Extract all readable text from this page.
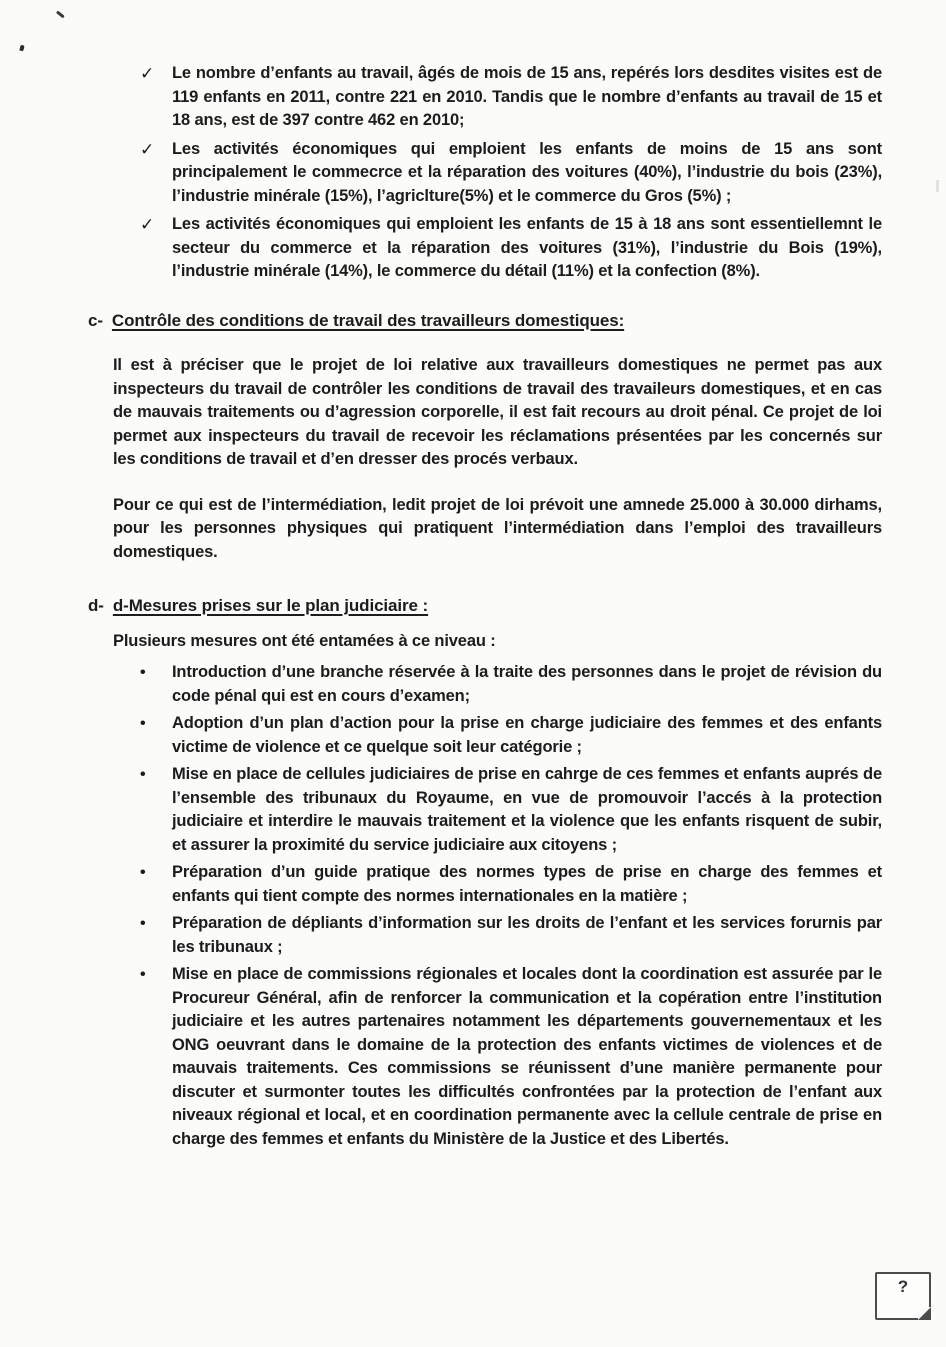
✓	Le nombre d’enfants au travail, âgés de mois de 15 ans, repérés lors desdites visites est de 119 enfants en 2011, contre 221 en 2010. Tandis que le nombre d’enfants au travail de 15 et 18 ans, est de 397 contre 462 en 2010;
✓	Les activités économiques qui emploient les enfants de moins de 15 ans sont principalement le commecrce et la réparation des voitures (40%), l’industrie du bois (23%), l’industrie minérale (15%), l’agriclture(5%) et le commerce du Gros (5%) ;
✓	Les activités économiques qui emploient les enfants de 15 à 18 ans sont essentiellemnt le secteur du commerce et la réparation des voitures (31%), l’industrie du Bois (19%), l’industrie minérale (14%), le commerce du détail (11%) et la confection (8%).
c- Contrôle des conditions de travail des travailleurs domestiques:
Il est à préciser que le projet de loi relative aux travailleurs domestiques ne permet pas aux inspecteurs du travail de contrôler les conditions de travail des travaileurs domestiques, et en cas de mauvais traitements ou d’agression corporelle, il est fait recours au droit pénal. Ce projet de loi permet aux inspecteurs du travail de recevoir les réclamations présentées par les concernés sur les conditions de travail et d’en dresser des procés verbaux.
Pour ce qui est de l’intermédiation, ledit projet de loi prévoit une amnede 25.000 à 30.000 dirhams, pour les personnes physiques qui pratiquent l’intermédiation dans l’emploi des travailleurs domestiques.
d- d-Mesures prises sur le plan judiciaire :
Plusieurs mesures ont été entamées à ce niveau :
•	Introduction d’une branche réservée à la traite des personnes dans le projet de révision du code pénal qui est en cours d’examen;
•	Adoption d’un plan d’action pour la prise en charge judiciaire des femmes et des enfants victime de violence et ce quelque soit leur catégorie ;
•	Mise en place de cellules judiciaires de prise en cahrge de ces femmes et enfants auprés de l’ensemble des tribunaux du Royaume, en vue de promouvoir l’accés à la protection judiciaire et interdire le mauvais traitement et la violence que les enfants risquent de subir, et assurer la proximité du service judiciaire aux citoyens ;
•	Préparation d’un guide pratique des normes types de prise en charge des femmes et enfants qui tient compte des normes internationales en la matière ;
•	Préparation de dépliants d’information sur les droits de l’enfant et les services forurnis par les tribunaux ;
•	Mise en place de commissions régionales et locales dont la coordination est assurée par le Procureur Général, afin de renforcer la communication et la copération entre l’institution judiciaire et les autres partenaires notamment les départements gouvernementaux et les ONG oeuvrant dans le domaine de la protection des enfants victimes de violences et de mauvais traitements. Ces commissions se réunissent d’une manière permanente pour discuter et surmonter toutes les difficultés confrontées par la protection de l’enfant aux niveaux régional et local, et en coordination permanente avec la cellule centrale de prise en charge des femmes et enfants du Ministère de la Justice et des Libertés.
?
